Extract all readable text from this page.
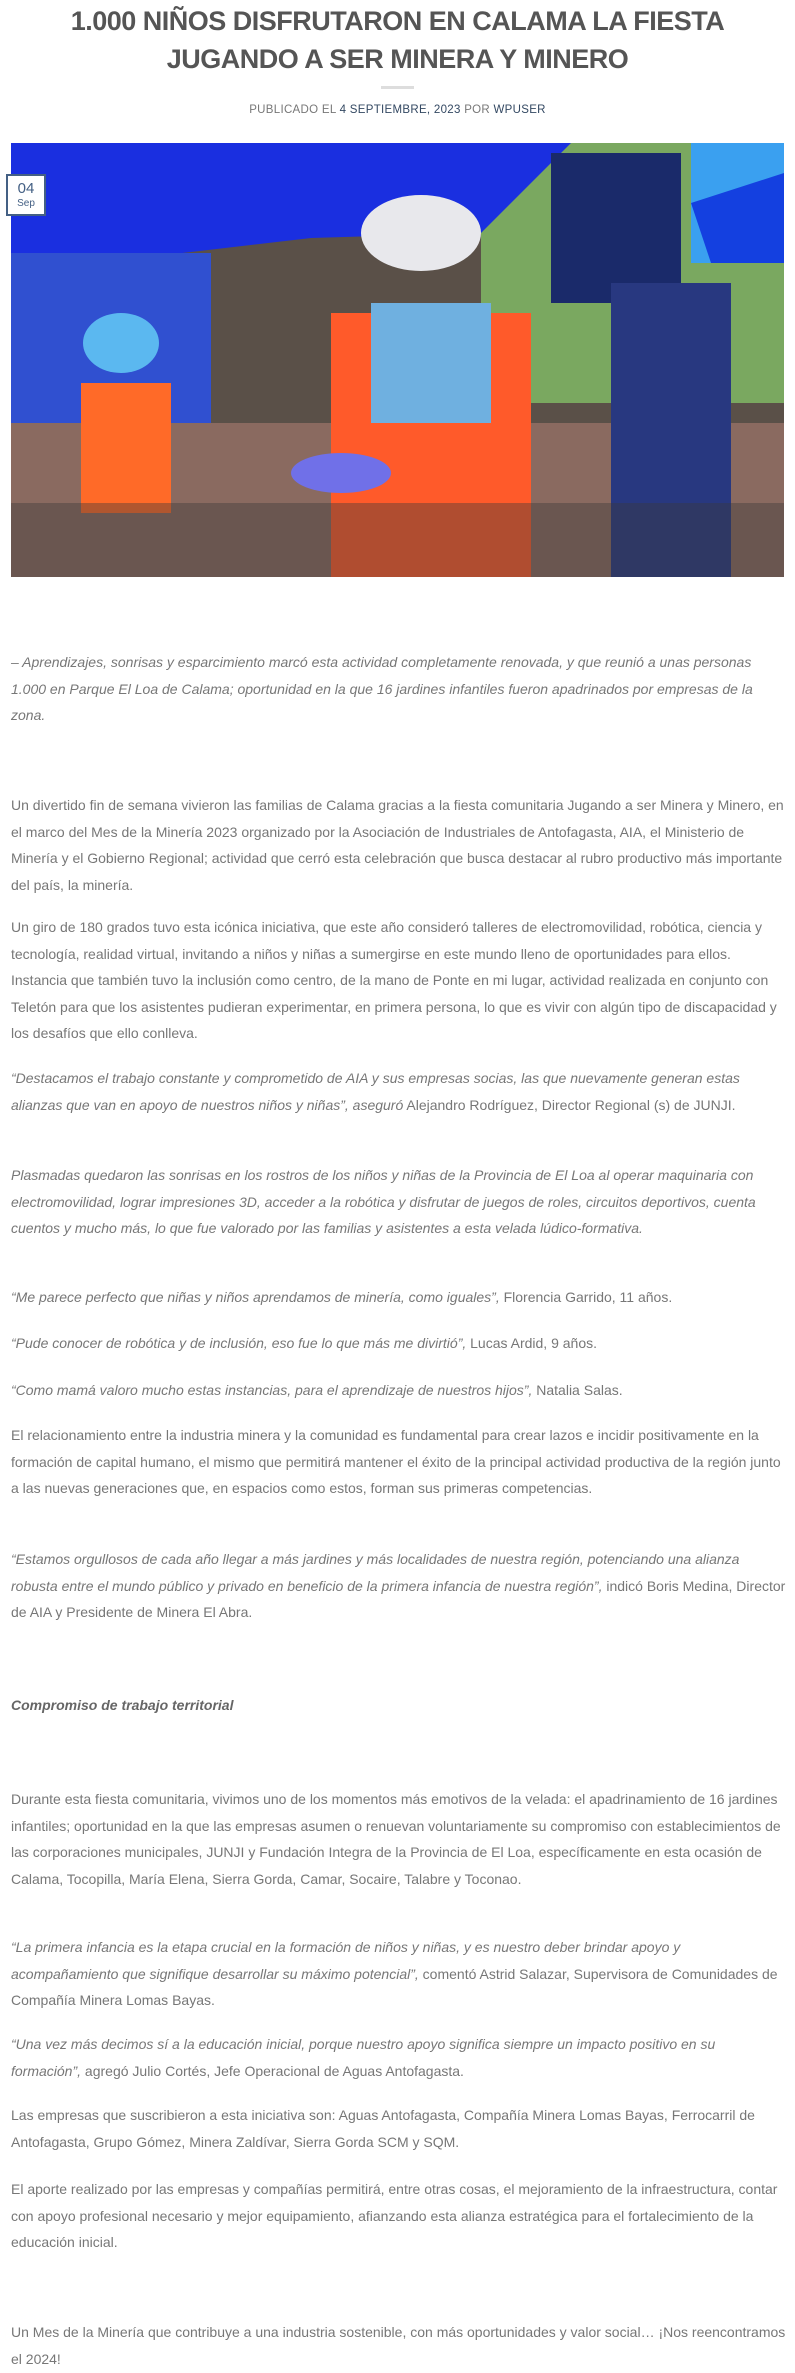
1.000 NIÑOS DISFRUTARON EN CALAMA LA FIESTA JUGANDO A SER MINERA Y MINERO
PUBLICADO EL 4 SEPTIEMBRE, 2023 POR WPUSER
04
Sep

– Aprendizajes, sonrisas y esparcimiento marcó esta actividad completamente renovada, y que reunió a unas personas 1.000 en Parque El Loa de Calama; oportunidad en la que 16 jardines infantiles fueron apadrinados por empresas de la zona.

Un divertido fin de semana vivieron las familias de Calama gracias a la fiesta comunitaria Jugando a ser Minera y Minero, en el marco del Mes de la Minería 2023 organizado por la Asociación de Industriales de Antofagasta, AIA, el Ministerio de Minería y el Gobierno Regional; actividad que cerró esta celebración que busca destacar al rubro productivo más importante del país, la minería.

Un giro de 180 grados tuvo esta icónica iniciativa, que este año consideró talleres de electromovilidad, robótica, ciencia y tecnología, realidad virtual, invitando a niños y niñas a sumergirse en este mundo lleno de oportunidades para ellos. Instancia que también tuvo la inclusión como centro, de la mano de Ponte en mi lugar, actividad realizada en conjunto con Teletón para que los asistentes pudieran experimentar, en primera persona, lo que es vivir con algún tipo de discapacidad y los desafíos que ello conlleva.

“Destacamos el trabajo constante y comprometido de AIA y sus empresas socias, las que nuevamente generan estas alianzas que van en apoyo de nuestros niños y niñas”, aseguró Alejandro Rodríguez, Director Regional (s) de JUNJI.

Plasmadas quedaron las sonrisas en los rostros de los niños y niñas de la Provincia de El Loa al operar maquinaria con electromovilidad, lograr impresiones 3D, acceder a la robótica y disfrutar de juegos de roles, circuitos deportivos, cuenta cuentos y mucho más, lo que fue valorado por las familias y asistentes a esta velada lúdico-formativa.

“Me parece perfecto que niñas y niños aprendamos de minería, como iguales”, Florencia Garrido, 11 años.

“Pude conocer de robótica y de inclusión, eso fue lo que más me divirtió”, Lucas Ardid, 9 años.

“Como mamá valoro mucho estas instancias, para el aprendizaje de nuestros hijos”, Natalia Salas.

El relacionamiento entre la industria minera y la comunidad es fundamental para crear lazos e incidir positivamente en la formación de capital humano, el mismo que permitirá mantener el éxito de la principal actividad productiva de la región junto a las nuevas generaciones que, en espacios como estos, forman sus primeras competencias.

“Estamos orgullosos de cada año llegar a más jardines y más localidades de nuestra región, potenciando una alianza robusta entre el mundo público y privado en beneficio de la primera infancia de nuestra región”, indicó Boris Medina, Director de AIA y Presidente de Minera El Abra.

Compromiso de trabajo territorial

Durante esta fiesta comunitaria, vivimos uno de los momentos más emotivos de la velada: el apadrinamiento de 16 jardines infantiles; oportunidad en la que las empresas asumen o renuevan voluntariamente su compromiso con establecimientos de las corporaciones municipales, JUNJI y Fundación Integra de la Provincia de El Loa, específicamente en esta ocasión de Calama, Tocopilla, María Elena, Sierra Gorda, Camar, Socaire, Talabre y Toconao.

“La primera infancia es la etapa crucial en la formación de niños y niñas, y es nuestro deber brindar apoyo y acompañamiento que signifique desarrollar su máximo potencial”, comentó Astrid Salazar, Supervisora de Comunidades de Compañía Minera Lomas Bayas.

“Una vez más decimos sí a la educación inicial, porque nuestro apoyo significa siempre un impacto positivo en su formación”, agregó Julio Cortés, Jefe Operacional de Aguas Antofagasta.

Las empresas que suscribieron a esta iniciativa son: Aguas Antofagasta, Compañía Minera Lomas Bayas, Ferrocarril de Antofagasta, Grupo Gómez, Minera Zaldívar, Sierra Gorda SCM y SQM.

El aporte realizado por las empresas y compañías permitirá, entre otras cosas, el mejoramiento de la infraestructura, contar con apoyo profesional necesario y mejor equipamiento, afianzando esta alianza estratégica para el fortalecimiento de la educación inicial.

Un Mes de la Minería que contribuye a una industria sostenible, con más oportunidades y valor social… ¡Nos reencontramos el 2024!
